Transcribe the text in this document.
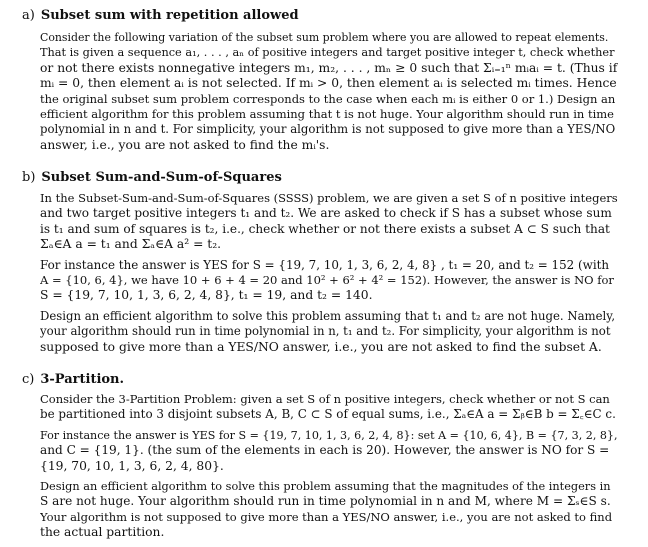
a) Subset sum with repetition allowed
Consider the following variation of the subset sum problem where you are allowed to repeat elements.
That is given a sequence a₁, . . . , aₙ of positive integers and target positive integer t, check whether
or not there exists nonnegative integers m₁, m₂, . . . , mₙ ≥ 0 such that Σᵢ₌₁ⁿ mᵢaᵢ = t. (Thus if
mᵢ = 0, then element aᵢ is not selected. If mᵢ > 0, then element aᵢ is selected mᵢ times. Hence
the original subset sum problem corresponds to the case when each mᵢ is either 0 or 1.) Design an
efficient algorithm for this problem assuming that t is not huge. Your algorithm should run in time
polynomial in n and t. For simplicity, your algorithm is not supposed to give more than a YES/NO
answer, i.e., you are not asked to find the mᵢ's.
b) Subset Sum-and-Sum-of-Squares
In the Subset-Sum-and-Sum-of-Squares (SSSS) problem, we are given a set S of n positive integers
and two target positive integers t₁ and t₂. We are asked to check if S has a subset whose sum
is t₁ and sum of squares is t₂, i.e., check whether or not there exists a subset A ⊂ S such that
Σₐ∈A a = t₁ and Σₐ∈A a² = t₂.
For instance the answer is YES for S = {19, 7, 10, 1, 3, 6, 2, 4, 8} , t₁ = 20, and t₂ = 152 (with
A = {10, 6, 4}, we have 10 + 6 + 4 = 20 and 10² + 6² + 4² = 152). However, the answer is NO for
S = {19, 7, 10, 1, 3, 6, 2, 4, 8}, t₁ = 19, and t₂ = 140.
Design an efficient algorithm to solve this problem assuming that t₁ and t₂ are not huge. Namely,
your algorithm should run in time polynomial in n, t₁ and t₂. For simplicity, your algorithm is not
supposed to give more than a YES/NO answer, i.e., you are not asked to find the subset A.
c) 3-Partition.
Consider the 3-Partition Problem: given a set S of n positive integers, check whether or not S can
be partitioned into 3 disjoint subsets A, B, C ⊂ S of equal sums, i.e., Σₐ∈A a = Σᵦ∈B b = Σ꜀∈C c.
For instance the answer is YES for S = {19, 7, 10, 1, 3, 6, 2, 4, 8}: set A = {10, 6, 4}, B = {7, 3, 2, 8},
and C = {19, 1}. (the sum of the elements in each is 20). However, the answer is NO for S =
{19, 70, 10, 1, 3, 6, 2, 4, 80}.
Design an efficient algorithm to solve this problem assuming that the magnitudes of the integers in
S are not huge. Your algorithm should run in time polynomial in n and M, where M = Σₛ∈S s.
Your algorithm is not supposed to give more than a YES/NO answer, i.e., you are not asked to find
the actual partition.
